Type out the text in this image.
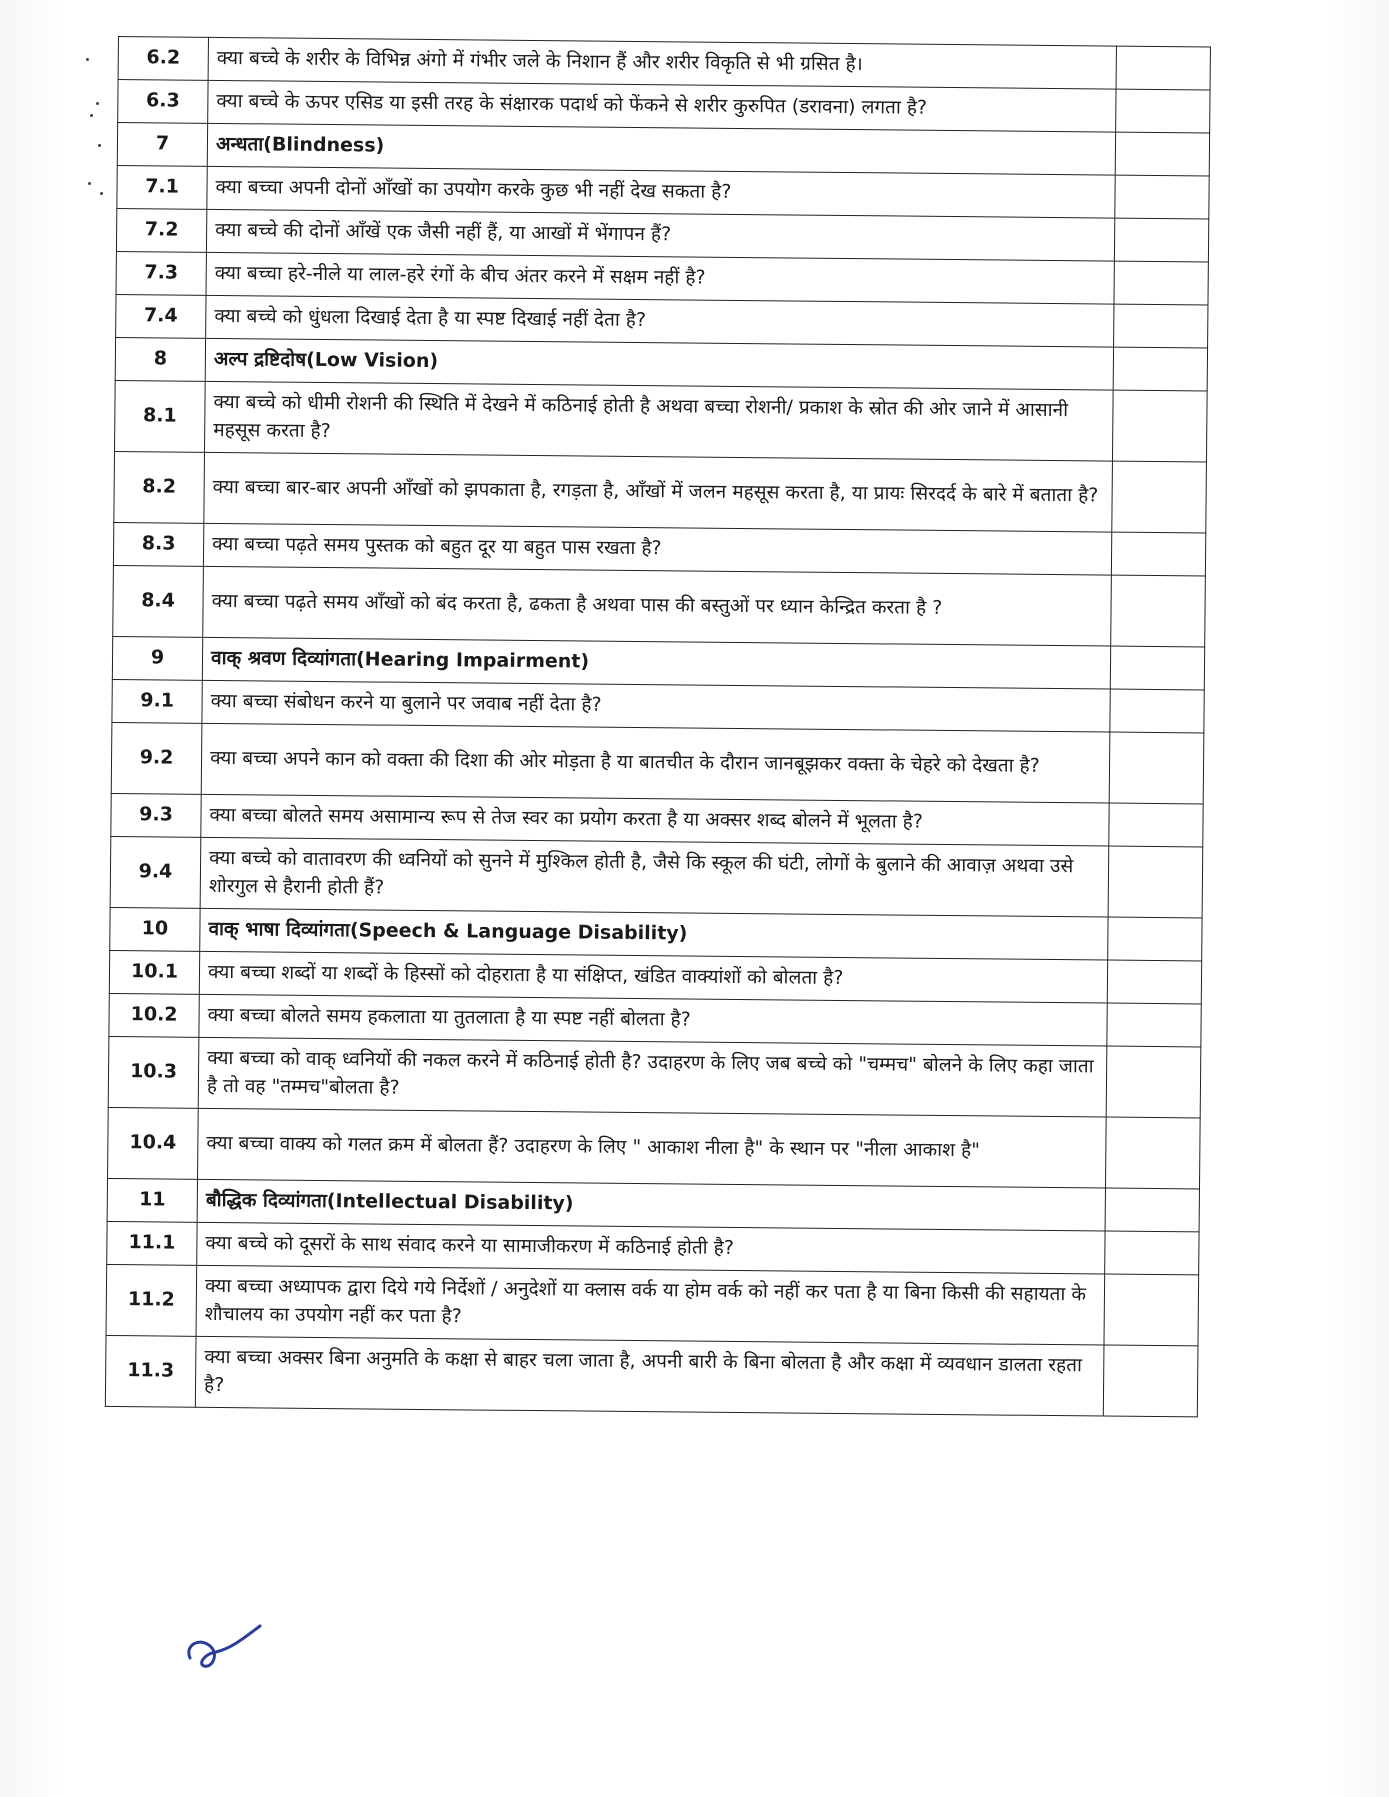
6.2	क्या बच्चे के शरीर के विभिन्न अंगो में गंभीर जले के निशान हैं और शरीर विकृति से भी ग्रसित है।	
6.3	क्या बच्चे के ऊपर एसिड या इसी तरह के संक्षारक पदार्थ को फेंकने से शरीर कुरुपित (डरावना) लगता है?	
7	अन्धता(Blindness)	
7.1	क्या बच्चा अपनी दोनों आँखों का उपयोग करके कुछ भी नहीं देख सकता है?	
7.2	क्या बच्चे की दोनों आँखें एक जैसी नहीं हैं, या आखों में भेंगापन हैं?	
7.3	क्या बच्चा हरे-नीले या लाल-हरे रंगों के बीच अंतर करने में सक्षम नहीं है?	
7.4	क्या बच्चे को धुंधला दिखाई देता है या स्पष्ट दिखाई नहीं देता है?	
8	अल्प द्रष्टिदोष(Low Vision)	
8.1	क्या बच्चे को धीमी रोशनी की स्थिति में देखने में कठिनाई होती है अथवा बच्चा रोशनी/ प्रकाश के स्रोत की ओर जाने में आसानी महसूस करता है?	
8.2	क्या बच्चा बार-बार अपनी आँखों को झपकाता है, रगड़ता है, आँखों में जलन महसूस करता है, या प्रायः सिरदर्द के बारे में बताता है?	
8.3	क्या बच्चा पढ़ते समय पुस्तक को बहुत दूर या बहुत पास रखता है?	
8.4	क्या बच्चा पढ़ते समय आँखों को बंद करता है, ढकता है अथवा पास की बस्तुओं पर ध्यान केन्द्रित करता है ?	
9	वाक् श्रवण दिव्यांगता(Hearing Impairment)	
9.1	क्या बच्चा संबोधन करने या बुलाने पर जवाब नहीं देता है?	
9.2	क्या बच्चा अपने कान को वक्ता की दिशा की ओर मोड़ता है या बातचीत के दौरान जानबूझकर वक्ता के चेहरे को देखता है?	
9.3	क्या बच्चा बोलते समय असामान्य रूप से तेज स्वर का प्रयोग करता है या अक्सर शब्द बोलने में भूलता है?	
9.4	क्या बच्चे को वातावरण की ध्वनियों को सुनने में मुश्किल होती है, जैसे कि स्कूल की घंटी, लोगों के बुलाने की आवाज़ अथवा उसे शोरगुल से हैरानी होती हैं?	
10	वाक् भाषा दिव्यांगता(Speech & Language Disability)	
10.1	क्या बच्चा शब्दों या शब्दों के हिस्सों को दोहराता है या संक्षिप्त, खंडित वाक्यांशों को बोलता है?	
10.2	क्या बच्चा बोलते समय हकलाता या तुतलाता है या स्पष्ट नहीं बोलता है?	
10.3	क्या बच्चा को वाक् ध्वनियों की नकल करने में कठिनाई होती है? उदाहरण के लिए जब बच्चे को "चम्मच" बोलने के लिए कहा जाता है तो वह "तम्मच"बोलता है?	
10.4	क्या बच्चा वाक्य को गलत क्रम में बोलता हैं? उदाहरण के लिए " आकाश नीला है" के स्थान पर "नीला आकाश है"	
11	बौद्धिक दिव्यांगता(Intellectual Disability)	
11.1	क्या बच्चे को दूसरों के साथ संवाद करने या सामाजीकरण में कठिनाई होती है?	
11.2	क्या बच्चा अध्यापक द्वारा दिये गये निर्देशों / अनुदेशों या क्लास वर्क या होम वर्क को नहीं कर पता है या बिना किसी की सहायता के शौचालय का उपयोग नहीं कर पता है?	
11.3	क्या बच्चा अक्सर बिना अनुमति के कक्षा से बाहर चला जाता है, अपनी बारी के बिना बोलता है और कक्षा में व्यवधान डालता रहता है?	
